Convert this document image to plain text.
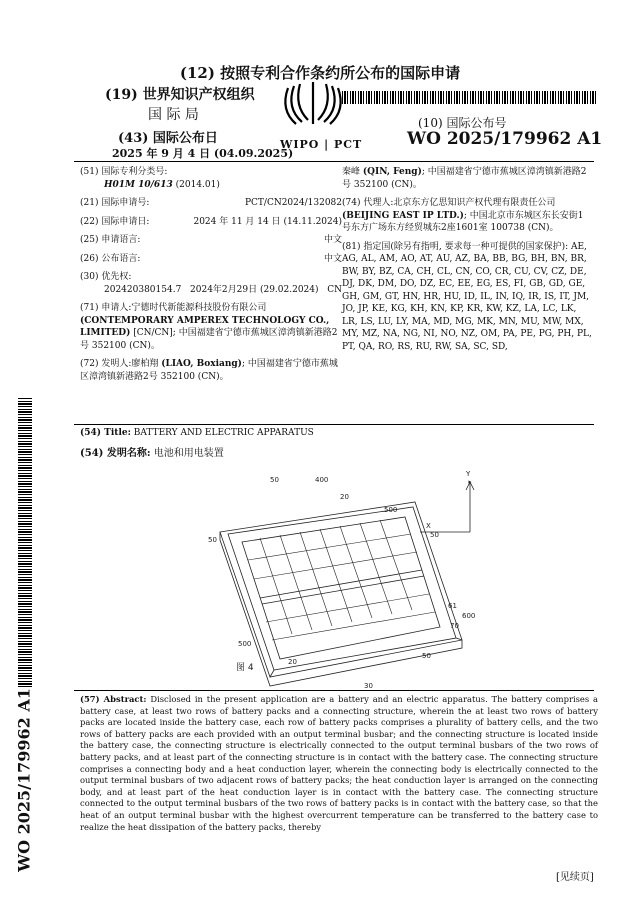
(12) 按照专利合作条约所公布的国际申请
(19) 世界知识产权组织
国 际 局
(43) 国际公布日
2025 年 9 月 4 日 (04.09.2025)
WIPO | PCT
(10) 国际公布号
WO 2025/179962 A1
(51) 国际专利分类号:
H01M 10/613 (2014.01)
(21) 国际申请号:	PCT/CN2024/132082
(22) 国际申请日:	2024 年 11 月 14 日 (14.11.2024)
(25) 申请语言:	中文
(26) 公布语言:	中文
(30) 优先权:
202420380154.7 2024年2月29日 (29.02.2024) CN
(71) 申请人:宁德时代新能源科技股份有限公司 (CONTEMPORARY AMPEREX TECHNOLOGY CO., LIMITED) [CN/CN]; 中国福建省宁德市蕉城区漳湾镇新港路2号 352100 (CN)。
(72) 发明人:廖柏翔 (LIAO, Boxiang); 中国福建省宁德市蕉城区漳湾镇新港路2号 352100 (CN)。
秦峰 (QIN, Feng); 中国福建省宁德市蕉城区漳湾镇新港路2号 352100 (CN)。
(74) 代理人:北京东方亿思知识产权代理有限责任公司 (BEIJING EAST IP LTD.); 中国北京市东城区东长安街1号东方广场东方经贸城东2座1601室 100738 (CN)。
(81) 指定国(除另有指明, 要求每一种可提供的国家保护): AE, AG, AL, AM, AO, AT, AU, AZ, BA, BB, BG, BH, BN, BR, BW, BY, BZ, CA, CH, CL, CN, CO, CR, CU, CV, CZ, DE, DJ, DK, DM, DO, DZ, EC, EE, EG, ES, FI, GB, GD, GE, GH, GM, GT, HN, HR, HU, ID, IL, IN, IQ, IR, IS, IT, JM, JO, JP, KE, KG, KH, KN, KP, KR, KW, KZ, LA, LC, LK, LR, LS, LU, LY, MA, MD, MG, MK, MN, MU, MW, MX, MY, MZ, NA, NG, NI, NO, NZ, OM, PA, PE, PG, PH, PL, PT, QA, RO, RS, RU, RW, SA, SC, SD,
(54) Title: BATTERY AND ELECTRIC APPARATUS
(54) 发明名称: 电池和用电装置
50	400
20
500
50
50
61
600
70
500
20
50
30
X
Y
图 4
(57) Abstract: Disclosed in the present application are a battery and an electric apparatus. The battery comprises a battery case, at least two rows of battery packs and a connecting structure, wherein the at least two rows of battery packs are located inside the battery case, each row of battery packs comprises a plurality of battery cells, and the two rows of battery packs are each provided with an output terminal busbar; and the connecting structure is located inside the battery case, the connecting structure is electrically connected to the output terminal busbars of the two rows of battery packs, and at least part of the connecting structure is in contact with the battery case. The connecting structure comprises a connecting body and a heat conduction layer, wherein the connecting body is electrically connected to the output terminal busbars of two adjacent rows of battery packs; the heat conduction layer is arranged on the connecting body, and at least part of the heat conduction layer is in contact with the battery case. The connecting structure connected to the output terminal busbars of the two rows of battery packs is in contact with the battery case, so that the heat of an output terminal busbar with the highest overcurrent temperature can be transferred to the battery case to realize the heat dissipation of the battery packs, thereby
WO 2025/179962 A1
[见续页]
